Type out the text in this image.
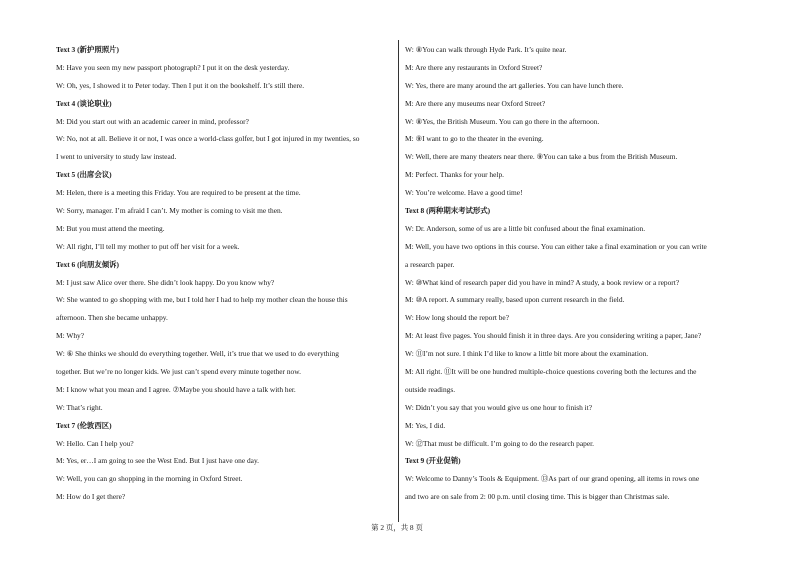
Text 3 (新护照照片)
M: Have you seen my new passport photograph? I put it on the desk yesterday.
W: Oh, yes, I showed it to Peter today. Then I put it on the bookshelf. It’s still there.
Text 4 (谈论职业)
M: Did you start out with an academic career in mind, professor?
W: No, not at all. Believe it or not, I was once a world-class golfer, but I got injured in my twenties, so
I went to university to study law instead.
Text 5 (出席会议)
M: Helen, there is a meeting this Friday. You are required to be present at the time.
W: Sorry, manager. I’m afraid I can’t. My mother is coming to visit me then.
M: But you must attend the meeting.
W: All right, I’ll tell my mother to put off her visit for a week.
Text 6 (向朋友倾诉)
M: I just saw Alice over there. She didn’t look happy. Do you know why?
W: She wanted to go shopping with me, but I told her I had to help my mother clean the house this
afternoon. Then she became unhappy.
M: Why?
W: ⑥ She thinks we should do everything together. Well, it’s true that we used to do everything
together. But we’re no longer kids. We just can’t spend every minute together now.
M: I know what you mean and I agree. ⑦Maybe you should have a talk with her.
W: That’s right.
Text 7 (伦敦西区)
W: Hello. Can I help you?
M: Yes, er…I am going to see the West End. But I just have one day.
W: Well, you can go shopping in the morning in Oxford Street.
M: How do I get there?
W: ⑧You can walk through Hyde Park. It’s quite near.
M: Are there any restaurants in Oxford Street?
W: Yes, there are many around the art galleries. You can have lunch there.
M: Are there any museums near Oxford Street?
W: ⑧Yes, the British Museum. You can go there in the afternoon.
M: ⑨I want to go to the theater in the evening.
W: Well, there are many theaters near there. ⑨You can take a bus from the British Museum.
M: Perfect. Thanks for your help.
W: You’re welcome. Have a good time!
Text 8 (两种期末考试形式)
W: Dr. Anderson, some of us are a little bit confused about the final examination.
M: Well, you have two options in this course. You can either take a final examination or you can write
a research paper.
W: ⑩What kind of research paper did you have in mind? A study, a book review or a report?
M: ⑩A report. A summary really, based upon current research in the field.
W: How long should the report be?
M: At least five pages. You should finish it in three days. Are you considering writing a paper, Jane?
W: ⑪I’m not sure. I think I’d like to know a little bit more about the examination.
M: All right. ⑪It will be one hundred multiple-choice questions covering both the lectures and the
outside readings.
W: Didn’t you say that you would give us one hour to finish it?
M: Yes, I did.
W: ⑫That must be difficult. I’m going to do the research paper.
Text 9 (开业促销)
W: Welcome to Danny’s Tools & Equipment. ⑬As part of our grand opening, all items in rows one
and two are on sale from 2: 00 p.m. until closing time. This is bigger than Christmas sale.
第 2 页，共 8 页
